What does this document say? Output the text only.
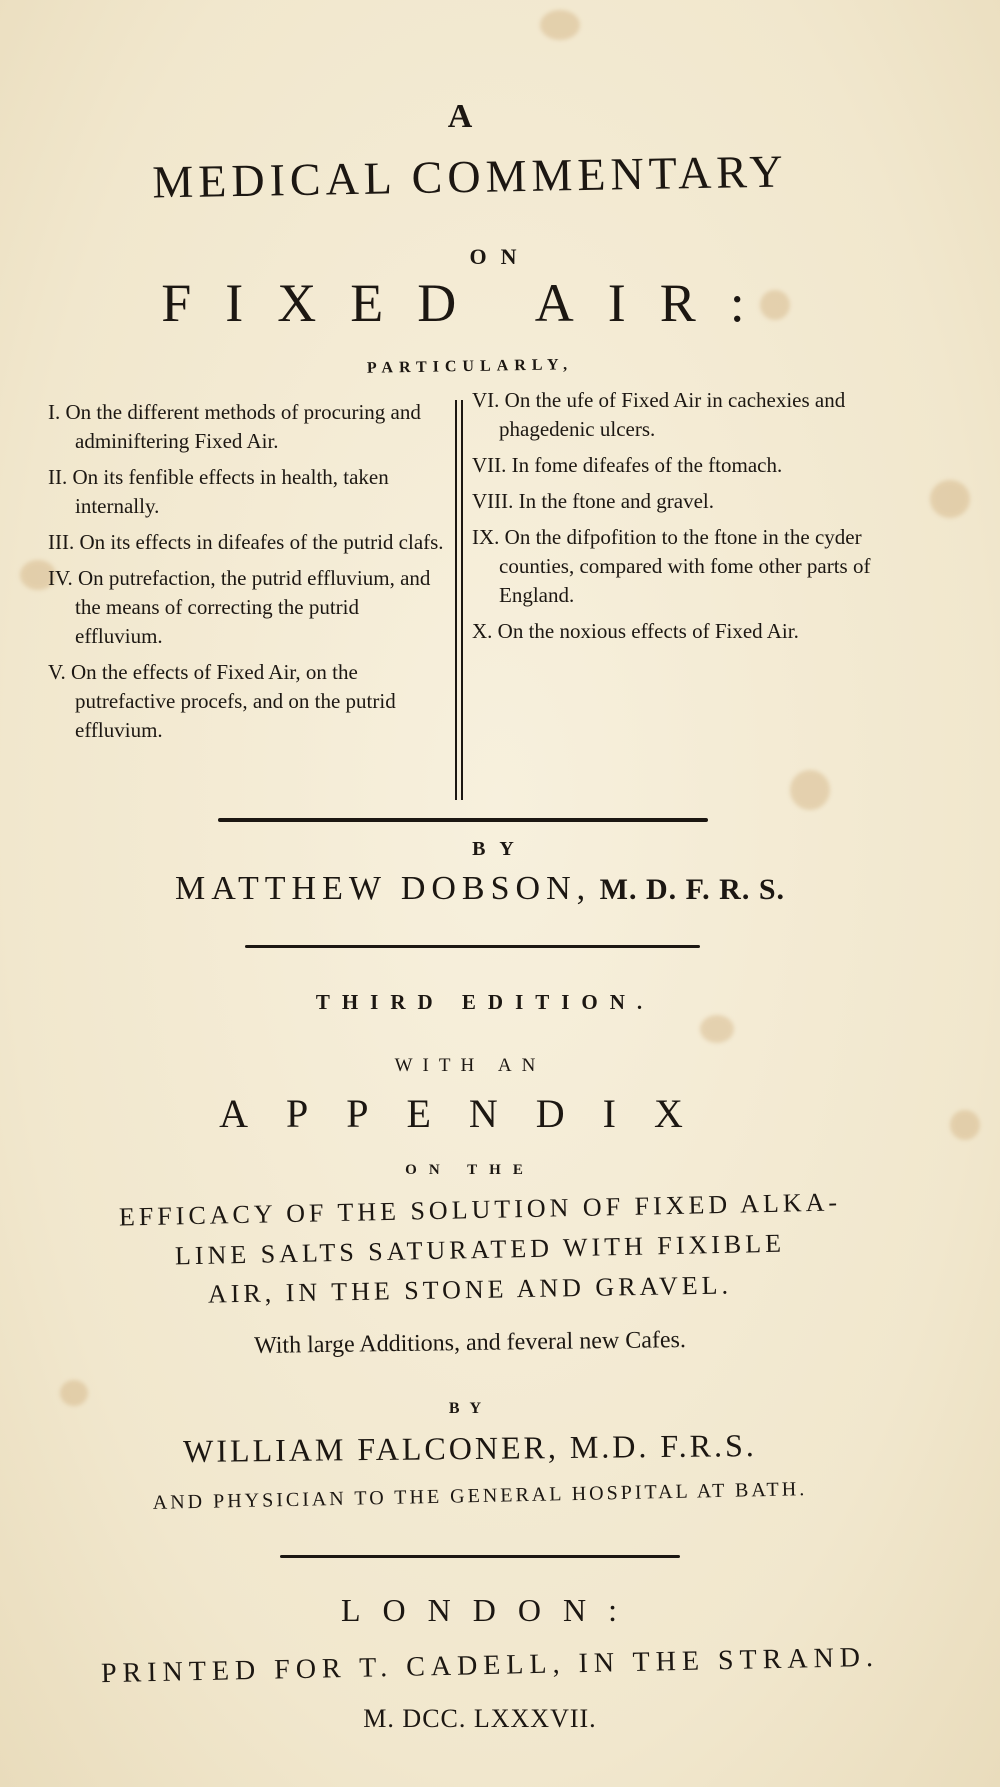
A
MEDICAL COMMENTARY
ON
FIXED AIR:
PARTICULARLY,
I. On the different methods of procuring and adminiftering Fixed Air.
II. On its fenfible effects in health, taken internally.
III. On its effects in difeafes of the putrid clafs.
IV. On putrefaction, the putrid effluvium, and the means of correcting the putrid effluvium.
V. On the effects of Fixed Air, on the putrefactive procefs, and on the putrid effluvium.
VI. On the ufe of Fixed Air in cachexies and phagedenic ulcers.
VII. In fome difeafes of the ftomach.
VIII. In the ftone and gravel.
IX. On the difpofition to the ftone in the cyder counties, compared with fome other parts of England.
X. On the noxious effects of Fixed Air.
BY
MATTHEW DOBSON, M. D. F. R. S.
THIRD EDITION.
WITH AN
APPENDIX
ON THE
EFFICACY OF THE SOLUTION OF FIXED ALKA-
LINE SALTS SATURATED WITH FIXIBLE
AIR, IN THE STONE AND GRAVEL.
With large Additions, and feveral new Cafes.
BY
WILLIAM FALCONER, M.D. F.R.S.
AND PHYSICIAN TO THE GENERAL HOSPITAL AT BATH.
LONDON:
PRINTED FOR T. CADELL, IN THE STRAND.
M. DCC. LXXXVII.
